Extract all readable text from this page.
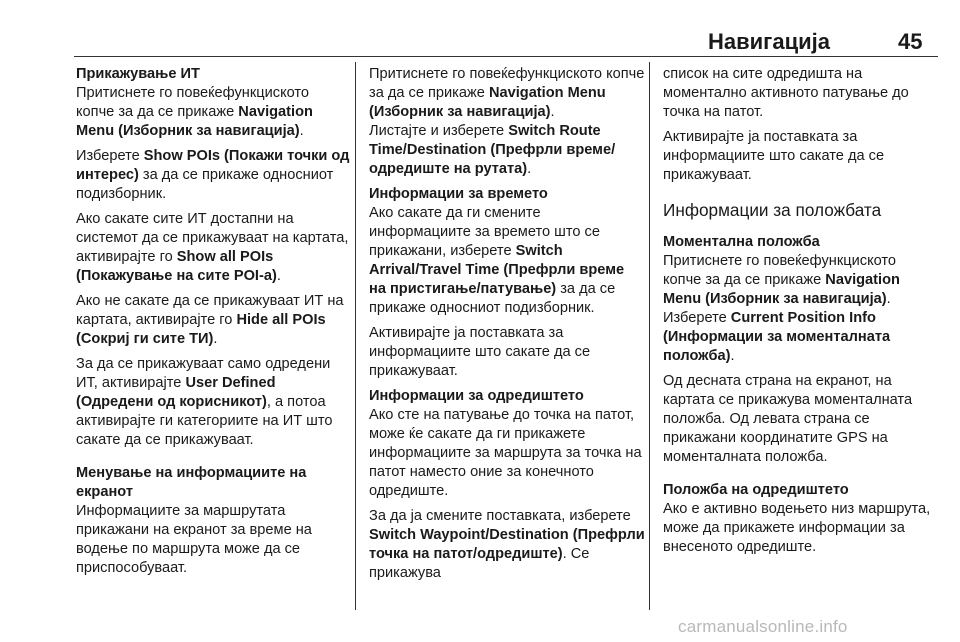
Навигација	45
Прикажување ИТ

Притиснете го повеќефункциското копче за да се прикаже Navigation Menu (Изборник за навигација).

Изберете Show POIs (Покажи точки од интерес) за да се прикаже односниот подизборник.

Ако сакате сите ИТ достапни на системот да се прикажуваат на картата, активирајте го Show all POIs (Покажување на сите POI-а).

Ако не сакате да се прикажуваат ИТ на картата, активирајте го Hide all POIs (Сокриј ги сите ТИ).

За да се прикажуваат само одредени ИТ, активирајте User Defined (Одредени од корисникот), а потоа активирајте ги категориите на ИТ што сакате да се прикажуваат.

Менување на информациите на екранот

Информациите за маршрутата прикажани на екранот за време на водење по маршрута може да се приспособуваат.

Притиснете го повеќефункциското копче за да се прикаже Navigation Menu (Изборник за навигација).
Листајте и изберете Switch Route Time/Destination (Префрли време/одредиште на рутата).

Информации за времето

Ако сакате да ги смените информациите за времето што се прикажани, изберете Switch Arrival/Travel Time (Префрли време на пристигање/патување) за да се прикаже односниот подизборник.

Активирајте ја поставката за информациите што сакате да се прикажуваат.

Информации за одредиштето

Ако сте на патување до точка на патот, може ќе сакате да ги прикажете информациите за маршрута за точка на патот наместо оние за конечното одредиште.

За да ја смените поставката, изберете Switch Waypoint/Destination (Префрли точка на патот/одредиште). Се прикажува

список на сите одредишта на моментално активното патување до точка на патот.

Активирајте ја поставката за информациите што сакате да се прикажуваат.

Информации за положбата
Моментална положба

Притиснете го повеќефункциското копче за да се прикаже Navigation Menu (Изборник за навигација). Изберете Current Position Info (Информации за моменталната положба).

Од десната страна на екранот, на картата се прикажува моменталната положба. Од левата страна се прикажани координатите GPS на моменталната положба.

Положба на одредиштето

Ако е активно водењето низ маршрута, може да прикажете информации за внесеното одредиште.

carmanualsonline.info
